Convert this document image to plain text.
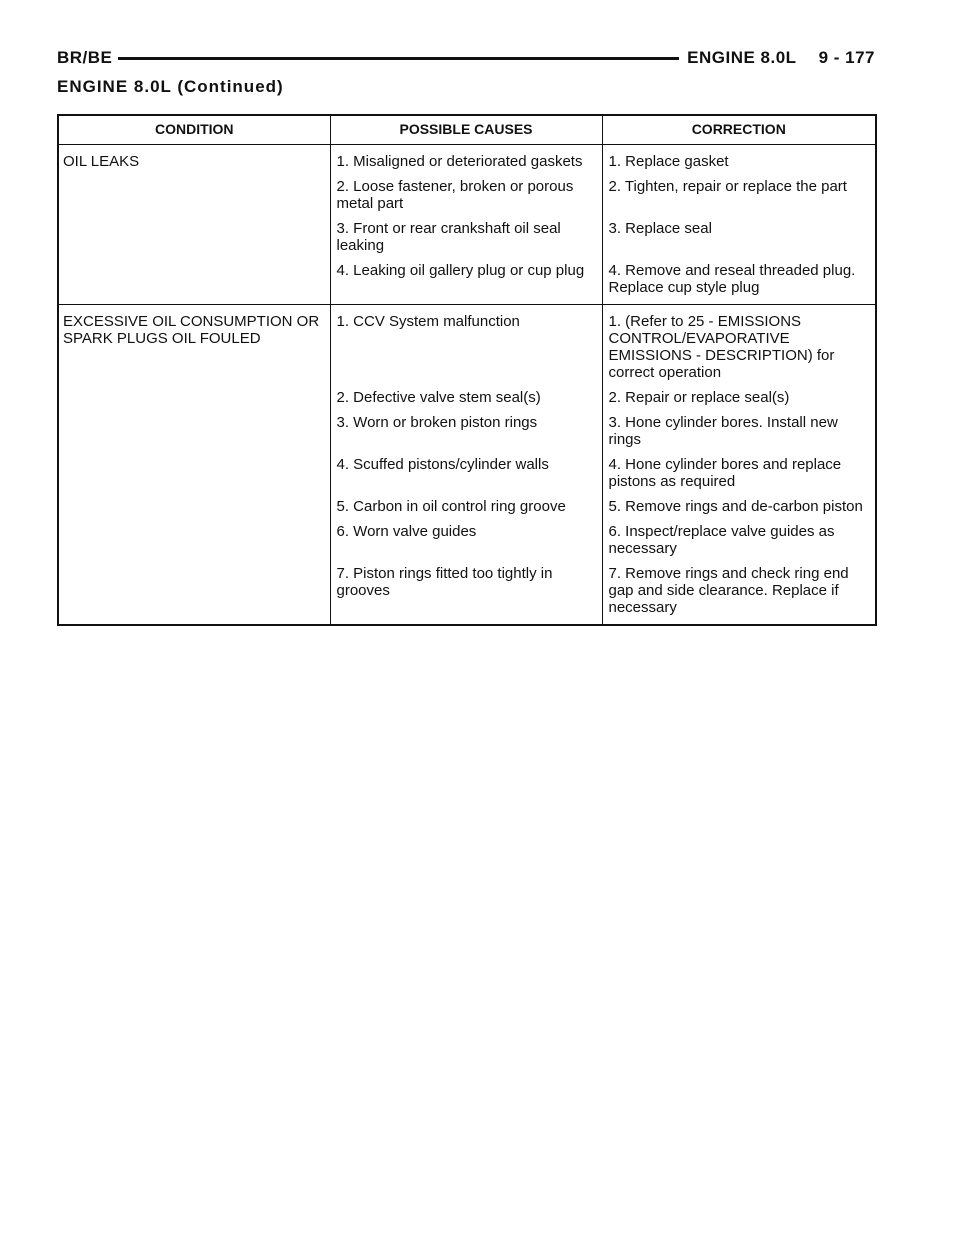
BR/BE	ENGINE 8.0L 9 - 177
ENGINE 8.0L (Continued)
CONDITION	POSSIBLE CAUSES	CORRECTION
OIL LEAKS	1. Misaligned or deteriorated gaskets	1. Replace gasket
	2. Loose fastener, broken or porous metal part	2. Tighten, repair or replace the part
	3. Front or rear crankshaft oil seal leaking	3. Replace seal
	4. Leaking oil gallery plug or cup plug	4. Remove and reseal threaded plug. Replace cup style plug
EXCESSIVE OIL CONSUMPTION OR SPARK PLUGS OIL FOULED	1. CCV System malfunction	1. (Refer to 25 - EMISSIONS CONTROL/EVAPORATIVE EMISSIONS - DESCRIPTION) for correct operation
	2. Defective valve stem seal(s)	2. Repair or replace seal(s)
	3. Worn or broken piston rings	3. Hone cylinder bores. Install new rings
	4. Scuffed pistons/cylinder walls	4. Hone cylinder bores and replace pistons as required
	5. Carbon in oil control ring groove	5. Remove rings and de-carbon piston
	6. Worn valve guides	6. Inspect/replace valve guides as necessary
	7. Piston rings fitted too tightly in grooves	7. Remove rings and check ring end gap and side clearance. Replace if necessary
